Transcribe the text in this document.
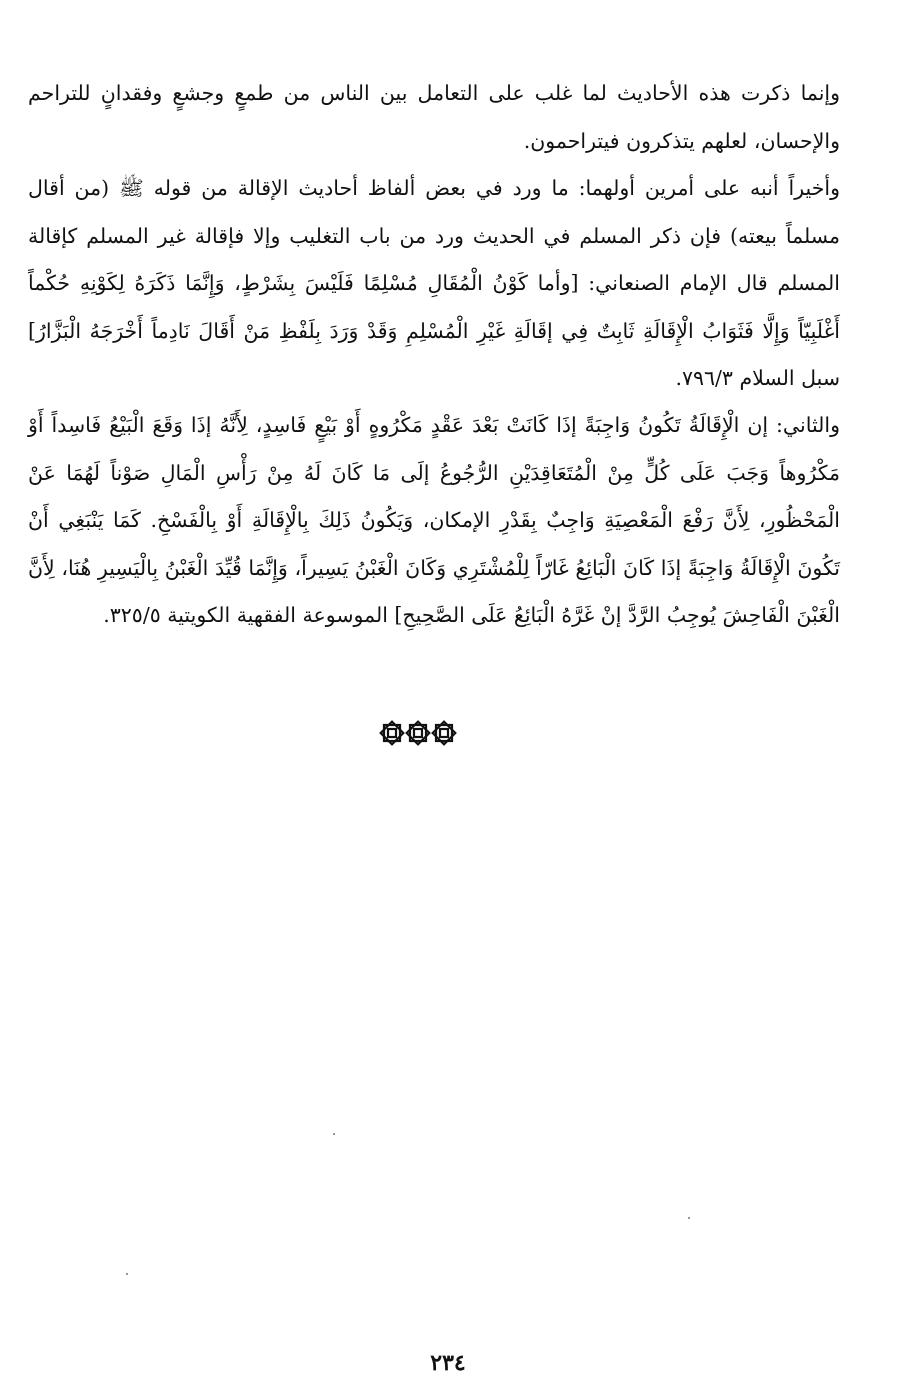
وإنما ذكرت هذه الأحاديث لما غلب على التعامل بين الناس من طمعٍ وجشعٍ وفقدانٍ للتراحم والإحسان، لعلهم يتذكرون فيتراحمون.

وأخيراً أنبه على أمرين أولهما: ما ورد في بعض ألفاظ أحاديث الإقالة من قوله ﷺ (من أقال مسلماً بيعته) فإن ذكر المسلم في الحديث ورد من باب التغليب وإلا فإقالة غير المسلم كإقالة المسلم قال الإمام الصنعاني: [وأما كَوْنُ الْمُقَالِ مُسْلِمًا فَلَيْسَ بِشَرْطٍ، وَإِنَّمَا ذَكَرَهُ لِكَوْنِهِ حُكْماً أَغْلَبِيّاً وَإِلَّا فَثَوَابُ الْإِقَالَةِ ثَابِتٌ فِي إقَالَةِ غَيْرِ الْمُسْلِمِ وَقَدْ وَرَدَ بِلَفْظِ مَنْ أَقَالَ نَادِماً أَخْرَجَهُ الْبَزَّارُ] سبل السلام ٧٩٦/٣.

والثاني: إن الْإِقَالَةُ تَكُونُ وَاجِبَةً إذَا كَانَتْ بَعْدَ عَقْدٍ مَكْرُوهٍ أَوْ بَيْعٍ فَاسِدٍ، لِأَنَّهُ إذَا وَقَعَ الْبَيْعُ فَاسِداً أَوْ مَكْرُوهاً وَجَبَ عَلَى كُلٍّ مِنْ الْمُتَعَاقِدَيْنِ الرُّجُوعُ إلَى مَا كَانَ لَهُ مِنْ رَأْسِ الْمَالِ صَوْناً لَهُمَا عَنْ الْمَحْظُورِ، لِأَنَّ رَفْعَ الْمَعْصِيَةِ وَاجِبٌ بِقَدْرِ الإمكان، وَيَكُونُ ذَلِكَ بِالْإِقَالَةِ أَوْ بِالْفَسْخِ. كَمَا يَنْبَغِي أَنْ تَكُونَ الْإِقَالَةُ وَاجِبَةً إذَا كَانَ الْبَائِعُ غَارّاً لِلْمُشْتَرِي وَكَانَ الْغَبْنُ يَسِيراً، وَإِنَّمَا قُيِّدَ الْغَبْنُ بِالْيَسِيرِ هُنَا، لِأَنَّ الْغَبْنَ الْفَاحِشَ يُوجِبُ الرَّدَّ إنْ غَرَّهُ الْبَائِعُ عَلَى الصَّحِيحِ] الموسوعة الفقهية الكويتية ٣٢٥/٥.

٢٣٤
